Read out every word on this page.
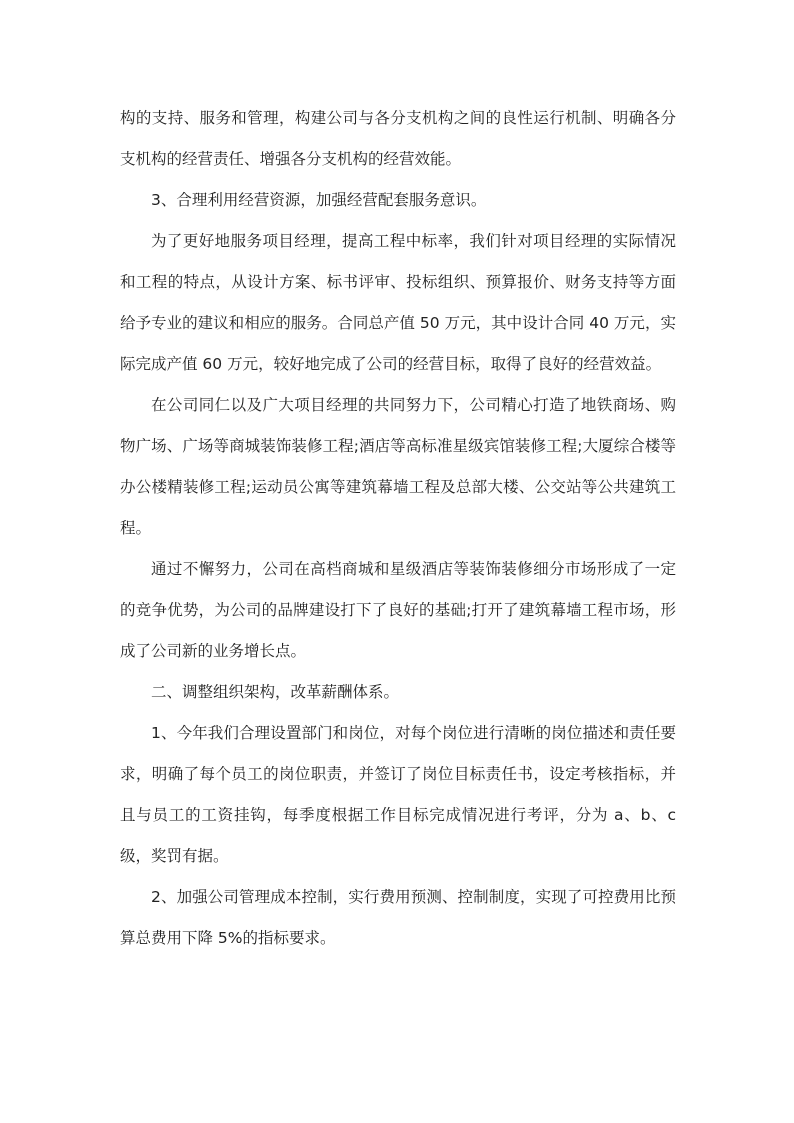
构的支持、服务和管理，构建公司与各分支机构之间的良性运行机制、明确各分支机构的经营责任、增强各分支机构的经营效能。

3、合理利用经营资源，加强经营配套服务意识。

为了更好地服务项目经理，提高工程中标率，我们针对项目经理的实际情况和工程的特点，从设计方案、标书评审、投标组织、预算报价、财务支持等方面给予专业的建议和相应的服务。合同总产值 50 万元，其中设计合同 40 万元，实际完成产值 60 万元，较好地完成了公司的经营目标，取得了良好的经营效益。

在公司同仁以及广大项目经理的共同努力下，公司精心打造了地铁商场、购物广场、广场等商城装饰装修工程;酒店等高标准星级宾馆装修工程;大厦综合楼等办公楼精装修工程;运动员公寓等建筑幕墙工程及总部大楼、公交站等公共建筑工程。

通过不懈努力，公司在高档商城和星级酒店等装饰装修细分市场形成了一定的竞争优势，为公司的品牌建设打下了良好的基础;打开了建筑幕墙工程市场，形成了公司新的业务增长点。

二、调整组织架构，改革薪酬体系。

1、今年我们合理设置部门和岗位，对每个岗位进行清晰的岗位描述和责任要求，明确了每个员工的岗位职责，并签订了岗位目标责任书，设定考核指标，并且与员工的工资挂钩，每季度根据工作目标完成情况进行考评，分为 a、b、c 级，奖罚有据。

2、加强公司管理成本控制，实行费用预测、控制制度，实现了可控费用比预算总费用下降 5%的指标要求。
